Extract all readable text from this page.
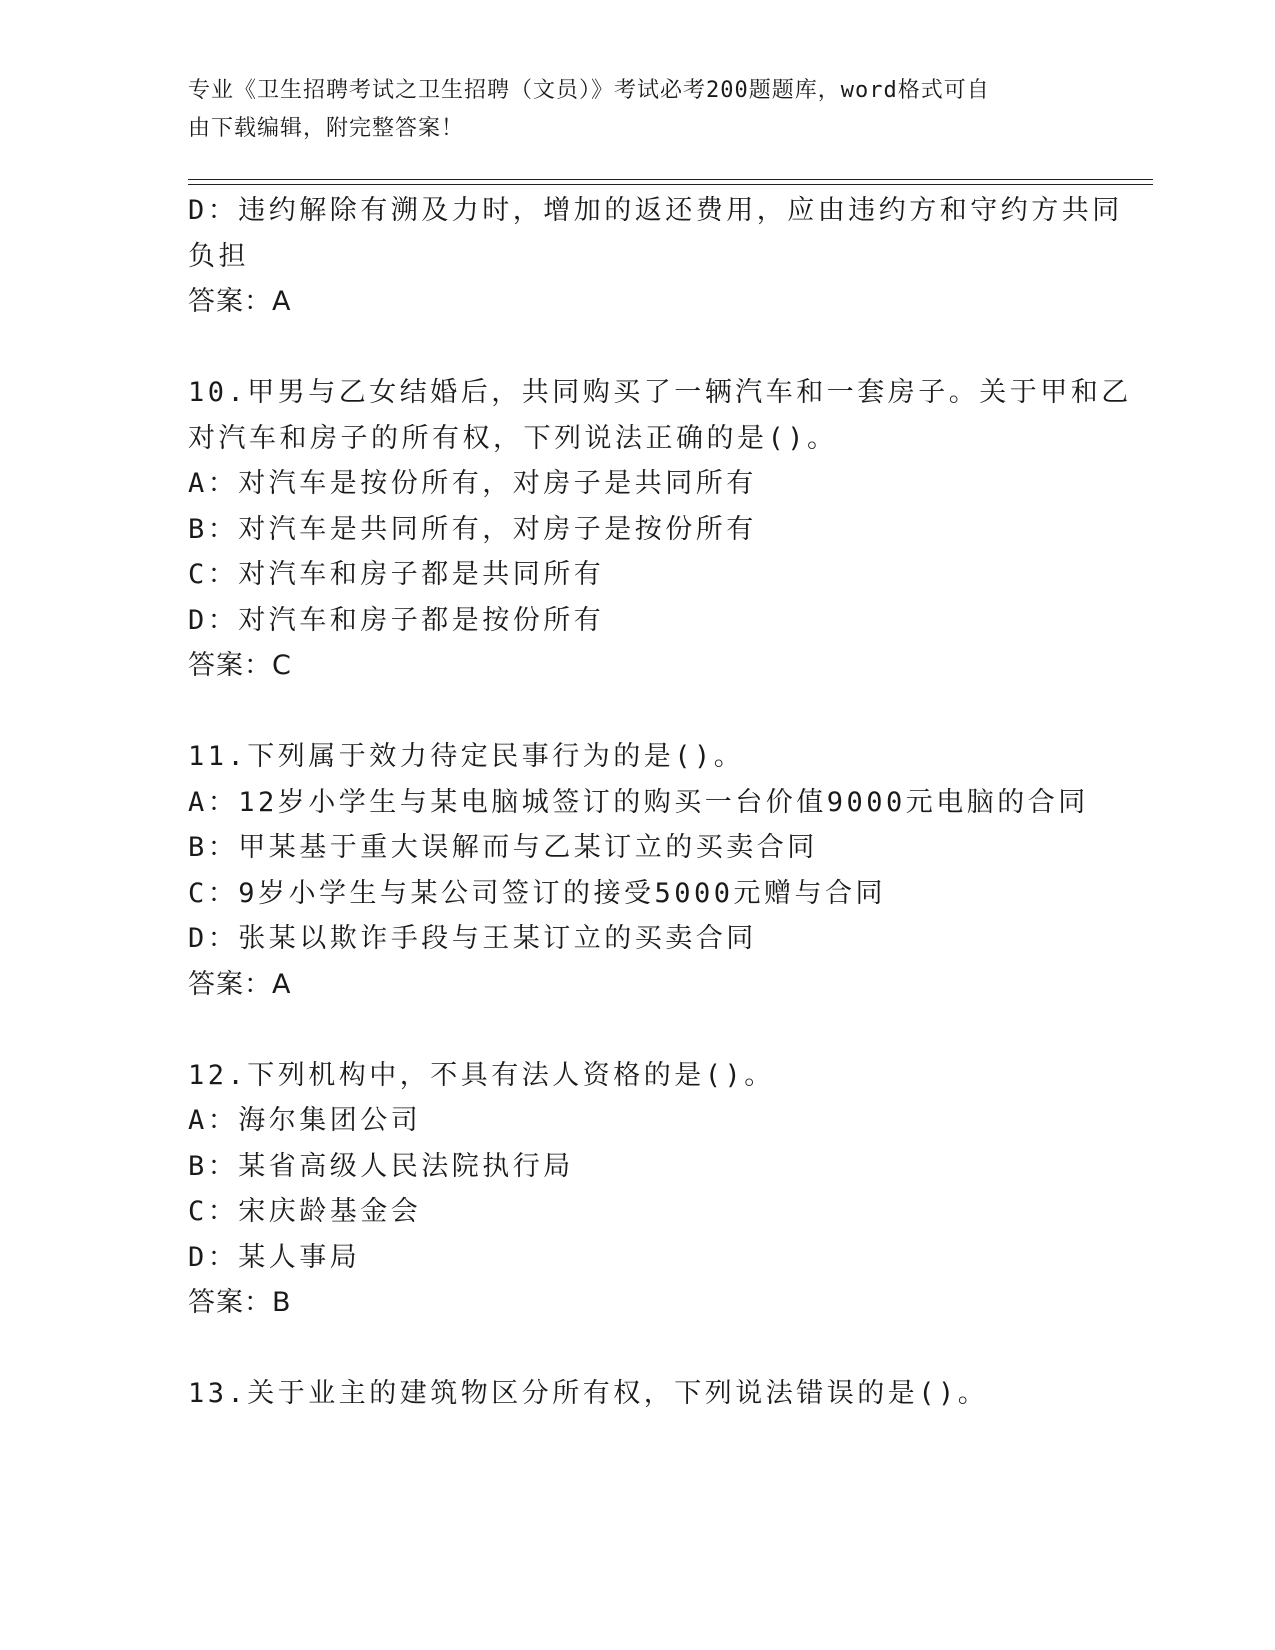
专业《卫生招聘考试之卫生招聘（文员）》考试必考200题题库，word格式可自
由下载编辑，附完整答案！
D：违约解除有溯及力时，增加的返还费用，应由违约方和守约方共同
负担
答案：A
10.甲男与乙女结婚后，共同购买了一辆汽车和一套房子。关于甲和乙
对汽车和房子的所有权，下列说法正确的是()。
A：对汽车是按份所有，对房子是共同所有
B：对汽车是共同所有，对房子是按份所有
C：对汽车和房子都是共同所有
D：对汽车和房子都是按份所有
答案：C
11.下列属于效力待定民事行为的是()。
A：12岁小学生与某电脑城签订的购买一台价值9000元电脑的合同
B：甲某基于重大误解而与乙某订立的买卖合同
C：9岁小学生与某公司签订的接受5000元赠与合同
D：张某以欺诈手段与王某订立的买卖合同
答案：A
12.下列机构中，不具有法人资格的是()。
A：海尔集团公司
B：某省高级人民法院执行局
C：宋庆龄基金会
D：某人事局
答案：B
13.关于业主的建筑物区分所有权，下列说法错误的是()。
